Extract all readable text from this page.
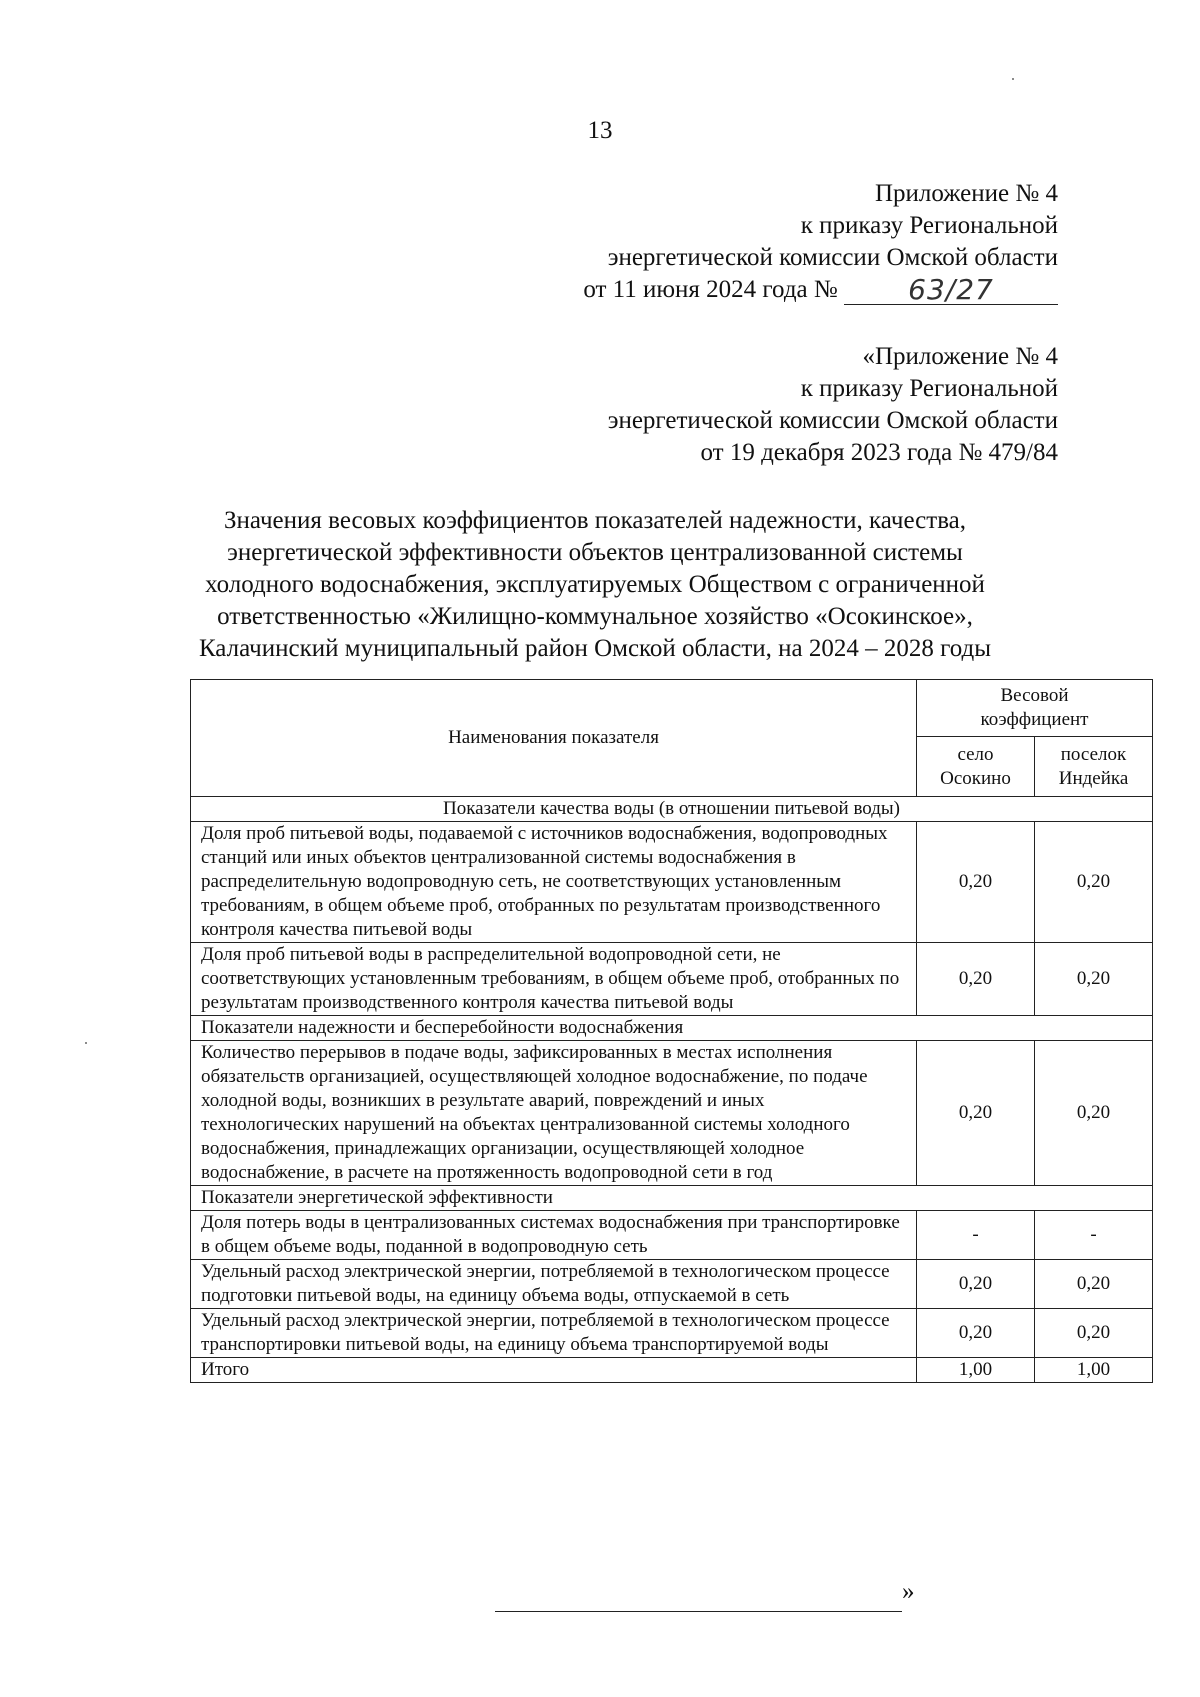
13
Приложение № 4
к приказу Региональной
энергетической комиссии Омской области
от 11 июня 2024 года №	63/27
«Приложение № 4
к приказу Региональной
энергетической комиссии Омской области
от 19 декабря 2023 года № 479/84
Значения весовых коэффициентов показателей надежности, качества,
энергетической эффективности объектов централизованной системы
холодного водоснабжения, эксплуатируемых Обществом с ограниченной
ответственностью «Жилищно-коммунальное хозяйство «Осокинское»,
Калачинский муниципальный район Омской области, на 2024 – 2028 годы
Наименования показателя	Весовой коэффициент	
	село Осокино	поселок Индейка
Показатели качества воды (в отношении питьевой воды)		
Доля проб питьевой воды, подаваемой с источников водоснабжения, водопроводных станций или иных объектов централизованной системы водоснабжения в распределительную водопроводную сеть, не соответствующих установленным требованиям, в общем объеме проб, отобранных по результатам производственного контроля качества питьевой воды	0,20	0,20
Доля проб питьевой воды в распределительной водопроводной сети, не соответствующих установленным требованиям, в общем объеме проб, отобранных по результатам производственного контроля качества питьевой воды	0,20	0,20
Показатели надежности и бесперебойности водоснабжения		
Количество перерывов в подаче воды, зафиксированных в местах исполнения обязательств организацией, осуществляющей холодное водоснабжение, по подаче холодной воды, возникших в результате аварий, повреждений и иных технологических нарушений на объектах централизованной системы холодного водоснабжения, принадлежащих организации, осуществляющей холодное водоснабжение, в расчете на протяженность водопроводной сети в год	0,20	0,20
Показатели энергетической эффективности		
Доля потерь воды в централизованных системах водоснабжения при транспортировке в общем объеме воды, поданной в водопроводную сеть	-	-
Удельный расход электрической энергии, потребляемой в технологическом процессе подготовки питьевой воды, на единицу объема воды, отпускаемой в сеть	0,20	0,20
Удельный расход электрической энергии, потребляемой в технологическом процессе транспортировки питьевой воды, на единицу объема транспортируемой воды	0,20	0,20
Итого	1,00	1,00
»
